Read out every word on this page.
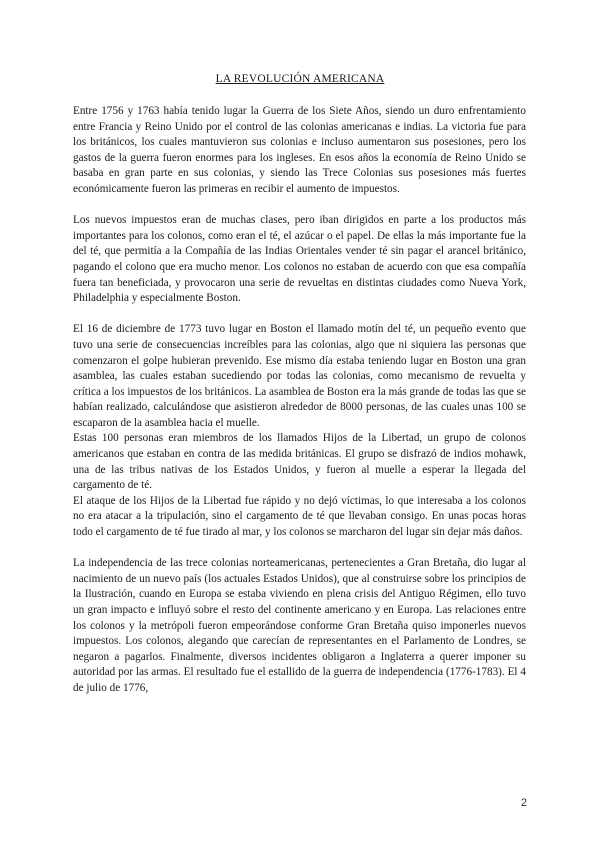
LA REVOLUCIÓN AMERICANA

Entre 1756 y 1763 había tenido lugar la Guerra de los Siete Años, siendo un duro enfrentamiento entre Francia y Reino Unido por el control de las colonias americanas e indias. La victoria fue para los británicos, los cuales mantuvieron sus colonias e incluso aumentaron sus posesiones, pero los gastos de la guerra fueron enormes para los ingleses. En esos años la economía de Reino Unido se basaba en gran parte en sus colonias, y siendo las Trece Colonias sus posesiones más fuertes económicamente fueron las primeras en recibir el aumento de impuestos.

Los nuevos impuestos eran de muchas clases, pero iban dirigidos en parte a los productos más importantes para los colonos, como eran el té, el azúcar o el papel. De ellas la más importante fue la del té, que permitía a la Compañía de las Indias Orientales vender té sin pagar el arancel británico, pagando el colono que era mucho menor. Los colonos no estaban de acuerdo con que esa compañía fuera tan beneficiada, y provocaron una serie de revueltas en distintas ciudades como Nueva York, Philadelphia y especialmente Boston.

El 16 de diciembre de 1773 tuvo lugar en Boston el llamado motín del té, un pequeño evento que tuvo una serie de consecuencias increíbles para las colonias, algo que ni siquiera las personas que comenzaron el golpe hubieran prevenido. Ese mismo día estaba teniendo lugar en Boston una gran asamblea, las cuales estaban sucediendo por todas las colonias, como mecanismo de revuelta y crítica a los impuestos de los británicos. La asamblea de Boston era la más grande de todas las que se habían realizado, calculándose que asistieron alrededor de 8000 personas, de las cuales unas 100 se escaparon de la asamblea hacia el muelle.

Estas 100 personas eran miembros de los llamados Hijos de la Libertad, un grupo de colonos americanos que estaban en contra de las medida británicas. El grupo se disfrazó de indios mohawk, una de las tribus nativas de los Estados Unidos, y fueron al muelle a esperar la llegada del cargamento de té.

El ataque de los Hijos de la Libertad fue rápido y no dejó víctimas, lo que interesaba a los colonos no era atacar a la tripulación, sino el cargamento de té que llevaban consigo. En unas pocas horas todo el cargamento de té fue tirado al mar, y los colonos se marcharon del lugar sin dejar más daños.

La independencia de las trece colonias norteamericanas, pertenecientes a Gran Bretaña, dio lugar al nacimiento de un nuevo país (los actuales Estados Unidos), que al construirse sobre los principios de la Ilustración, cuando en Europa se estaba viviendo en plena crisis del Antiguo Régimen, ello tuvo un gran impacto e influyó sobre el resto del continente americano y en Europa. Las relaciones entre los colonos y la metrópoli fueron empeorándose conforme Gran Bretaña quiso imponerles nuevos impuestos. Los colonos, alegando que carecían de representantes en el Parlamento de Londres, se negaron a pagarlos. Finalmente, diversos incidentes obligaron a Inglaterra a querer imponer su autoridad por las armas. El resultado fue el estallido de la guerra de independencia (1776-1783). El 4 de julio de 1776,

2
